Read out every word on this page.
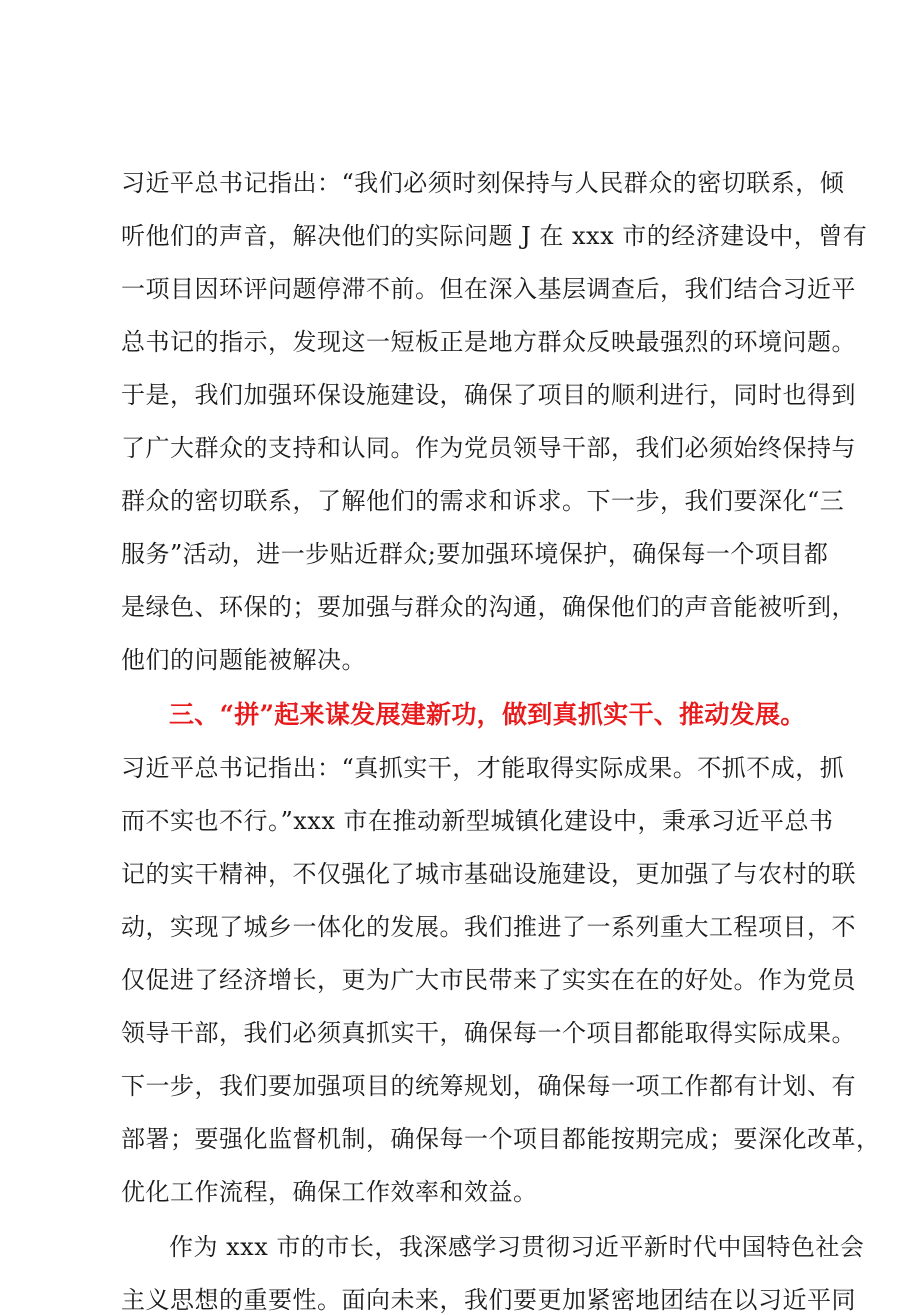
习近平总书记指出：“我们必须时刻保持与人民群众的密切联系，倾
听他们的声音，解决他们的实际问题 J 在 xxx 市的经济建设中，曾有
一项目因环评问题停滞不前。但在深入基层调查后，我们结合习近平
总书记的指示，发现这一短板正是地方群众反映最强烈的环境问题。
于是，我们加强环保设施建设，确保了项目的顺利进行，同时也得到
了广大群众的支持和认同。作为党员领导干部，我们必须始终保持与
群众的密切联系，了解他们的需求和诉求。下一步，我们要深化“三
服务”活动，进一步贴近群众;要加强环境保护，确保每一个项目都
是绿色、环保的；要加强与群众的沟通，确保他们的声音能被听到，
他们的问题能被解决。
三、“拼”起来谋发展建新功，做到真抓实干、推动发展。
习近平总书记指出：“真抓实干，才能取得实际成果。不抓不成，抓
而不实也不行。”xxx 市在推动新型城镇化建设中，秉承习近平总书
记的实干精神，不仅强化了城市基础设施建设，更加强了与农村的联
动，实现了城乡一体化的发展。我们推进了一系列重大工程项目，不
仅促进了经济增长，更为广大市民带来了实实在在的好处。作为党员
领导干部，我们必须真抓实干，确保每一个项目都能取得实际成果。
下一步，我们要加强项目的统筹规划，确保每一项工作都有计划、有
部署；要强化监督机制，确保每一个项目都能按期完成；要深化改革，
优化工作流程，确保工作效率和效益。
作为 xxx 市的市长，我深感学习贯彻习近平新时代中国特色社会
主义思想的重要性。面向未来，我们要更加紧密地团结在以习近平同
